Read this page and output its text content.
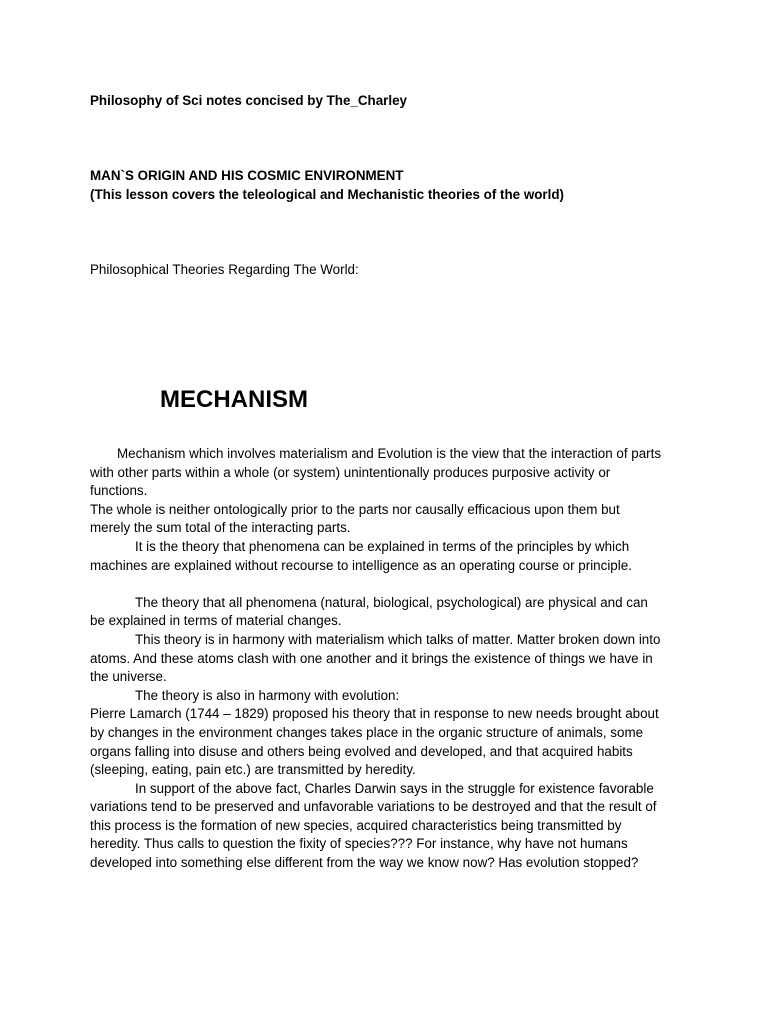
Philosophy of Sci notes concised by The_Charley
MAN`S ORIGIN AND HIS COSMIC ENVIRONMENT
(This lesson covers the teleological and Mechanistic theories of the world)
Philosophical Theories Regarding The World:
MECHANISM
Mechanism which involves materialism and Evolution is the view that the interaction of parts
with other parts within a whole (or system) unintentionally produces purposive activity or
functions.
The whole is neither ontologically prior to the parts nor causally efficacious upon them but
merely the sum total of the interacting parts.
It is the theory that phenomena can be explained in terms of the principles by which
machines are explained without recourse to intelligence as an operating course or principle.
The theory that all phenomena (natural, biological, psychological) are physical and can
be explained in terms of material changes.
This theory is in harmony with materialism which talks of matter. Matter broken down into
atoms. And these atoms clash with one another and it brings the existence of things we have in
the universe.
The theory is also in harmony with evolution:
Pierre Lamarch (1744 – 1829) proposed his theory that in response to new needs brought about
by changes in the environment changes takes place in the organic structure of animals, some
organs falling into disuse and others being evolved and developed, and that acquired habits
(sleeping, eating, pain etc.) are transmitted by heredity.
In support of the above fact, Charles Darwin says in the struggle for existence favorable
variations tend to be preserved and unfavorable variations to be destroyed and that the result of
this process is the formation of new species, acquired characteristics being transmitted by
heredity. Thus calls to question the fixity of species??? For instance, why have not humans
developed into something else different from the way we know now? Has evolution stopped?
